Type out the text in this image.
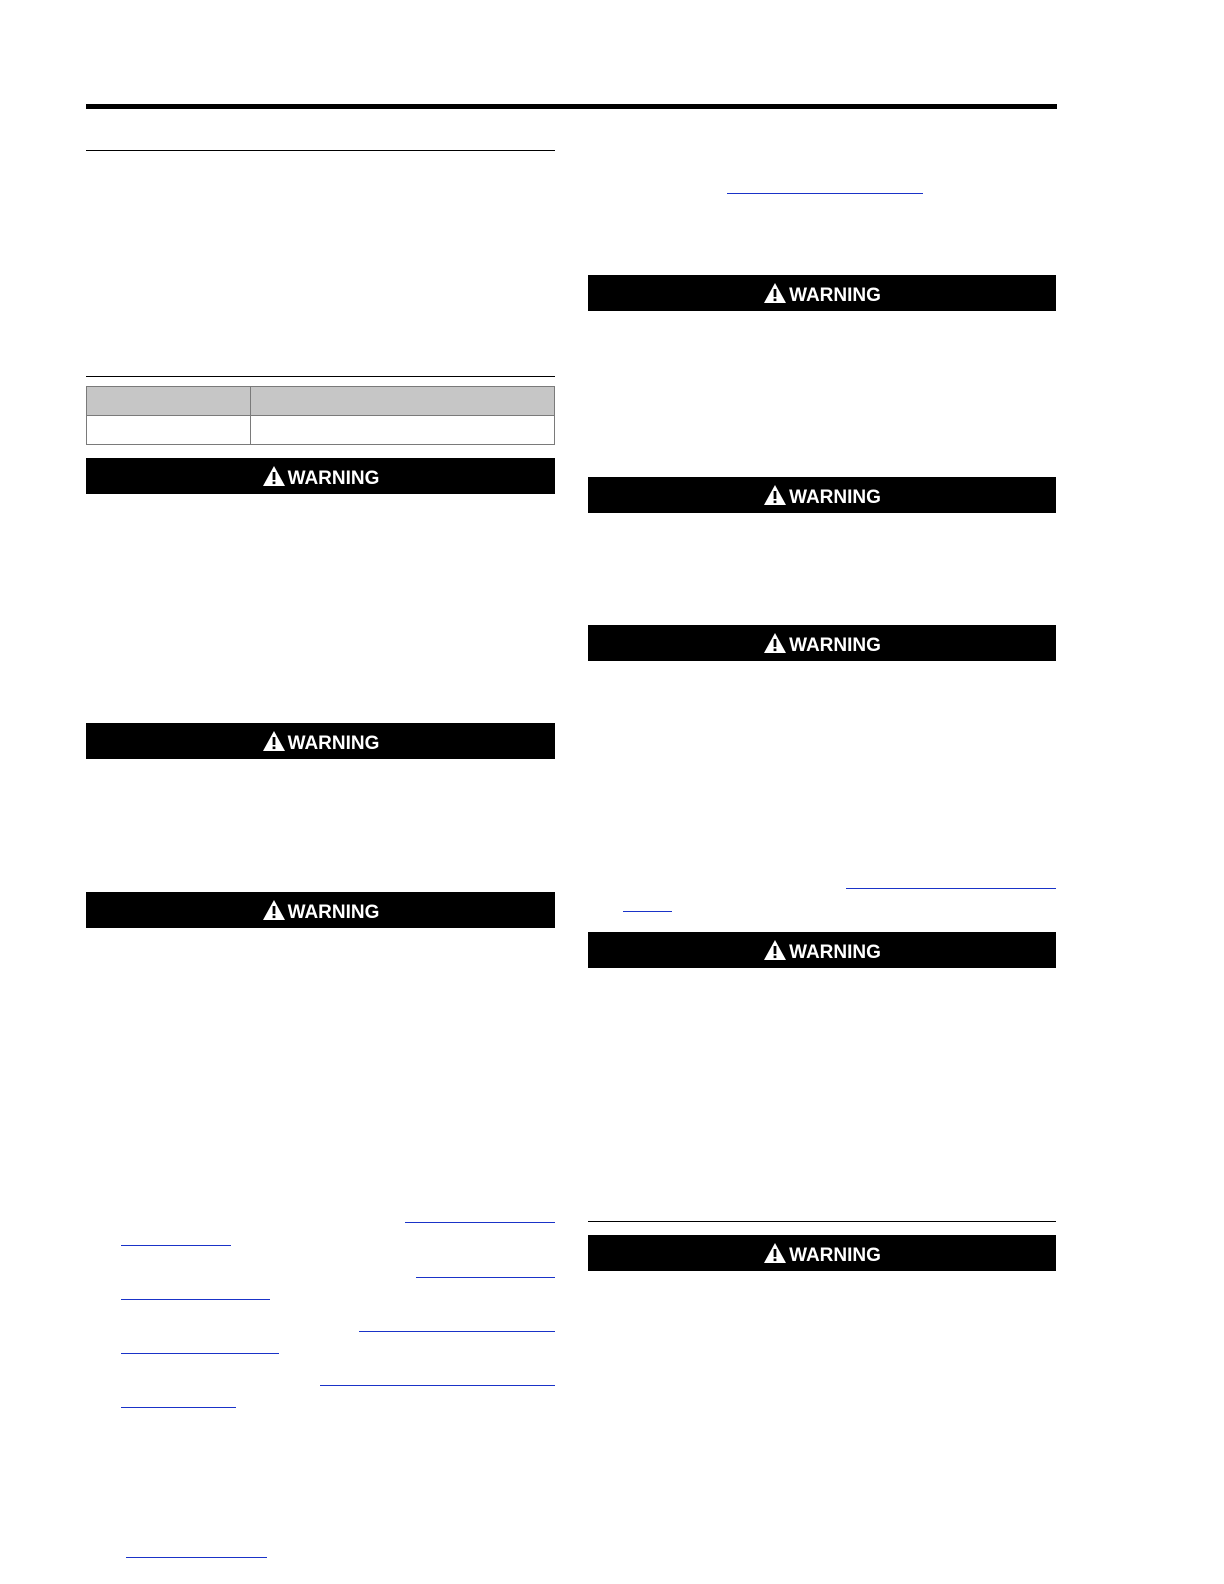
WARNING
WARNING
WARNING
WARNING
WARNING
WARNING
WARNING
WARNING
